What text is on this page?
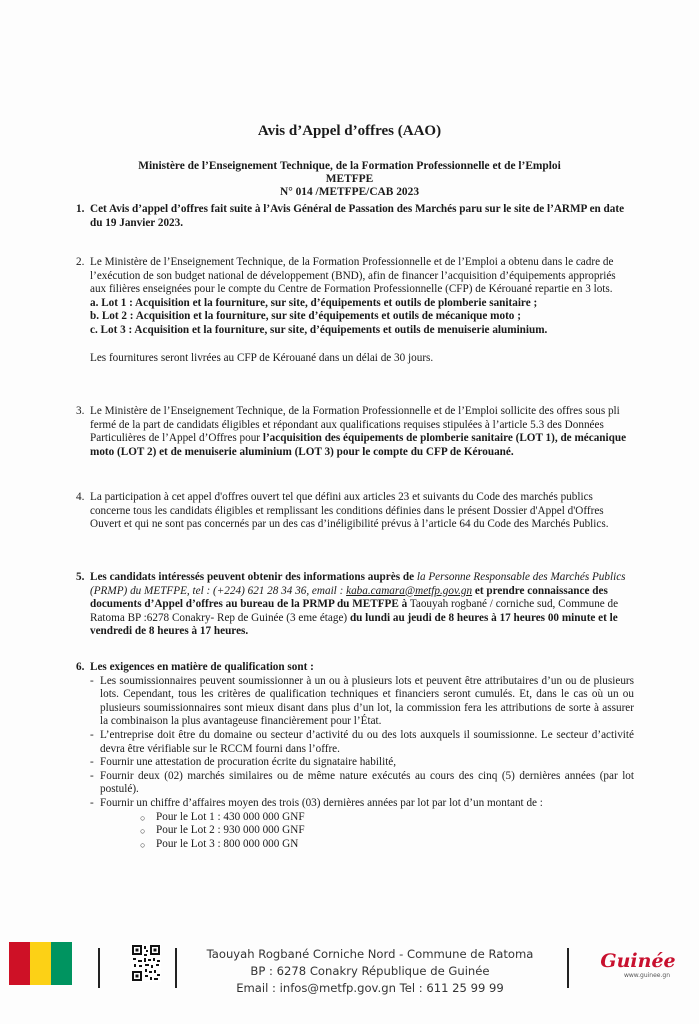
Avis d’Appel d’offres (AAO)
Ministère de l’Enseignement Technique, de la Formation Professionnelle et de l’Emploi
METFPE
N° 014 /METFPE/CAB 2023
1. Cet Avis d’appel d’offres fait suite à l’Avis Général de Passation des Marchés paru sur le site de l’ARMP en date du 19 Janvier 2023.
2. Le Ministère de l’Enseignement Technique, de la Formation Professionnelle et de l’Emploi a obtenu dans le cadre de l’exécution de son budget national de développement (BND), afin de financer l’acquisition d’équipements appropriés aux filières enseignées pour le compte du Centre de Formation Professionnelle (CFP) de Kérouané repartie en 3 lots.
a. Lot 1 : Acquisition et la fourniture, sur site, d’équipements et outils de plomberie sanitaire ;
b. Lot 2 : Acquisition et la fourniture, sur site d’équipements et outils de mécanique moto ;
c. Lot 3 : Acquisition et la fourniture, sur site, d’équipements et outils de menuiserie aluminium.
Les fournitures seront livrées au CFP de Kérouané dans un délai de 30 jours.
3. Le Ministère de l’Enseignement Technique, de la Formation Professionnelle et de l’Emploi sollicite des offres sous pli fermé de la part de candidats éligibles et répondant aux qualifications requises stipulées à l’article 5.3 des Données Particulières de l’Appel d’Offres pour l’acquisition des équipements de plomberie sanitaire (LOT 1), de mécanique moto (LOT 2) et de menuiserie aluminium (LOT 3) pour le compte du CFP de Kérouané.
4. La participation à cet appel d'offres ouvert tel que défini aux articles 23 et suivants du Code des marchés publics concerne tous les candidats éligibles et remplissant les conditions définies dans le présent Dossier d'Appel d'Offres Ouvert et qui ne sont pas concernés par un des cas d’inéligibilité prévus à l’article 64 du Code des Marchés Publics.
5. Les candidats intéressés peuvent obtenir des informations auprès de la Personne Responsable des Marchés Publics (PRMP) du METFPE, tel : (+224) 621 28 34 36, email : kaba.camara@metfp.gov.gn et prendre connaissance des documents d’Appel d’offres au bureau de la PRMP du METFPE à Taouyah rogbané / corniche sud, Commune de Ratoma BP :6278 Conakry- Rep de Guinée (3 eme étage) du lundi au jeudi de 8 heures à 17 heures 00 minute et le vendredi de 8 heures à 17 heures.
6. Les exigences en matière de qualification sont :
- Les soumissionnaires peuvent soumissionner à un ou à plusieurs lots et peuvent être attributaires d’un ou de plusieurs lots. Cependant, tous les critères de qualification techniques et financiers seront cumulés. Et, dans le cas où un ou plusieurs soumissionnaires sont mieux disant dans plus d’un lot, la commission fera les attributions de sorte à assurer la combinaison la plus avantageuse financièrement pour l’État.
- L’entreprise doit être du domaine ou secteur d’activité du ou des lots auxquels il soumissionne. Le secteur d’activité devra être vérifiable sur le RCCM fourni dans l’offre.
- Fournir une attestation de procuration écrite du signataire habilité,
- Fournir deux (02) marchés similaires ou de même nature exécutés au cours des cinq (5) dernières années (par lot postulé).
- Fournir un chiffre d’affaires moyen des trois (03) dernières années par lot par lot d’un montant de :
○ Pour le Lot 1 : 430 000 000 GNF
○ Pour le Lot 2 : 930 000 000 GNF
○ Pour le Lot 3 : 800 000 000 GN
Taouyah Rogbané Corniche Nord - Commune de Ratoma
BP : 6278 Conakry République de Guinée
Email : infos@metfp.gov.gn Tel : 611 25 99 99
Guinée
www.guinee.gn
